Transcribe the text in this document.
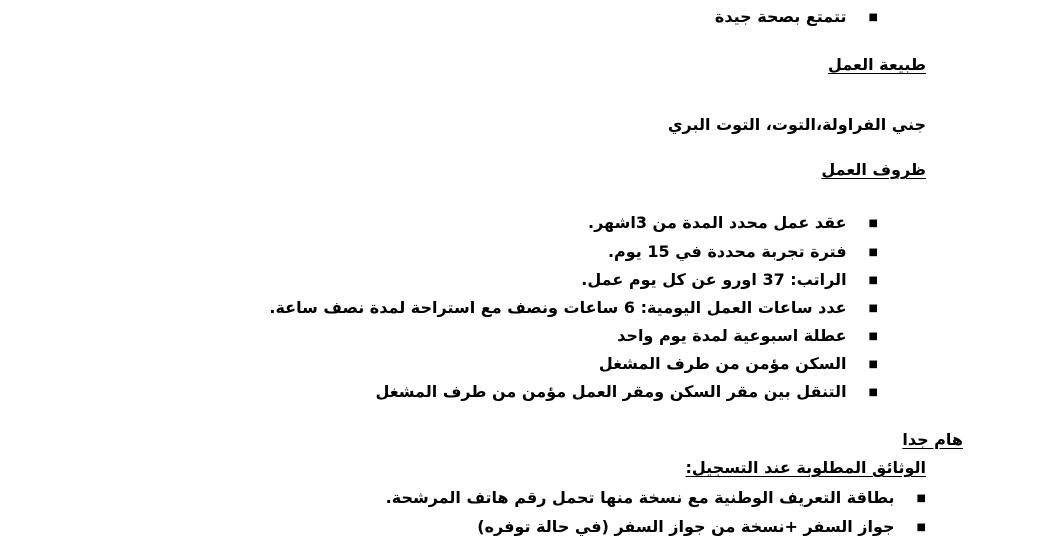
■تتمتع بصحة جيدة
طبيعة العمل
جني الفراولة،التوت، التوت البري
ظروف العمل
■عقد عمل محدد المدة من 3اشهر.
■فترة تجربة محددة في 15 يوم.
■الراتب: 37 اورو عن كل يوم عمل.
■عدد ساعات العمل اليومية: 6 ساعات ونصف مع استراحة لمدة نصف ساعة.
■عطلة اسبوعية لمدة يوم واحد
■السكن مؤمن من طرف المشغل
■التنقل بين مقر السكن ومقر العمل مؤمن من طرف المشغل
هام جدا
الوثائق المطلوبة عند التسجيل:
■بطاقة التعريف الوطنية مع نسخة منها تحمل رقم هاتف المرشحة.
■جواز السفر +نسخة من جواز السفر (في حالة توفره)
